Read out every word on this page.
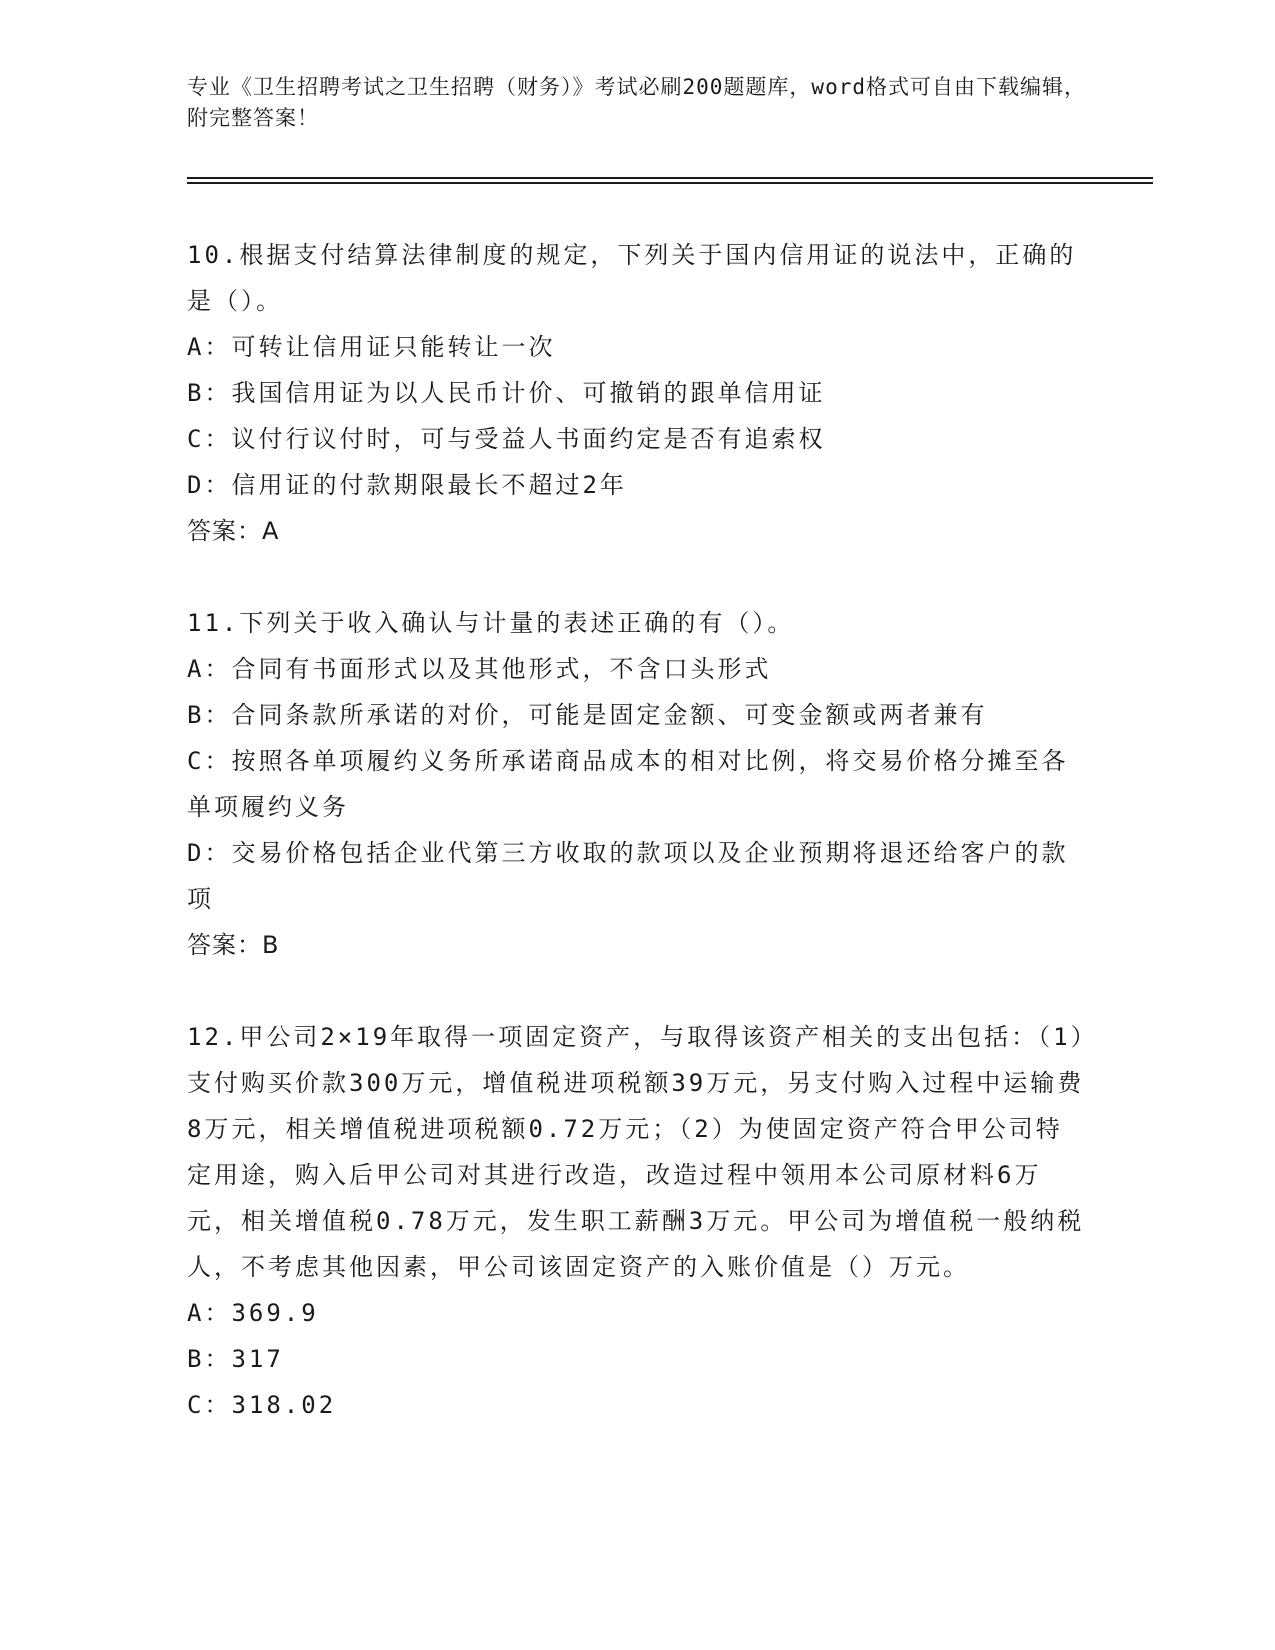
专业《卫生招聘考试之卫生招聘（财务）》考试必刷200题题库，word格式可自由下载编辑，附完整答案！

10.根据支付结算法律制度的规定，下列关于国内信用证的说法中，正确的是（）。

A：可转让信用证只能转让一次

B：我国信用证为以人民币计价、可撤销的跟单信用证

C：议付行议付时，可与受益人书面约定是否有追索权

D：信用证的付款期限最长不超过2年

答案：A

11.下列关于收入确认与计量的表述正确的有（）。

A：合同有书面形式以及其他形式，不含口头形式

B：合同条款所承诺的对价，可能是固定金额、可变金额或两者兼有

C：按照各单项履约义务所承诺商品成本的相对比例，将交易价格分摊至各单项履约义务

D：交易价格包括企业代第三方收取的款项以及企业预期将退还给客户的款项

答案：B

12.甲公司2×19年取得一项固定资产，与取得该资产相关的支出包括：（1）支付购买价款300万元，增值税进项税额39万元，另支付购入过程中运输费8万元，相关增值税进项税额0.72万元；（2）为使固定资产符合甲公司特定用途，购入后甲公司对其进行改造，改造过程中领用本公司原材料6万元，相关增值税0.78万元，发生职工薪酬3万元。甲公司为增值税一般纳税人，不考虑其他因素，甲公司该固定资产的入账价值是（）万元。

A：369.9

B：317

C：318.02
